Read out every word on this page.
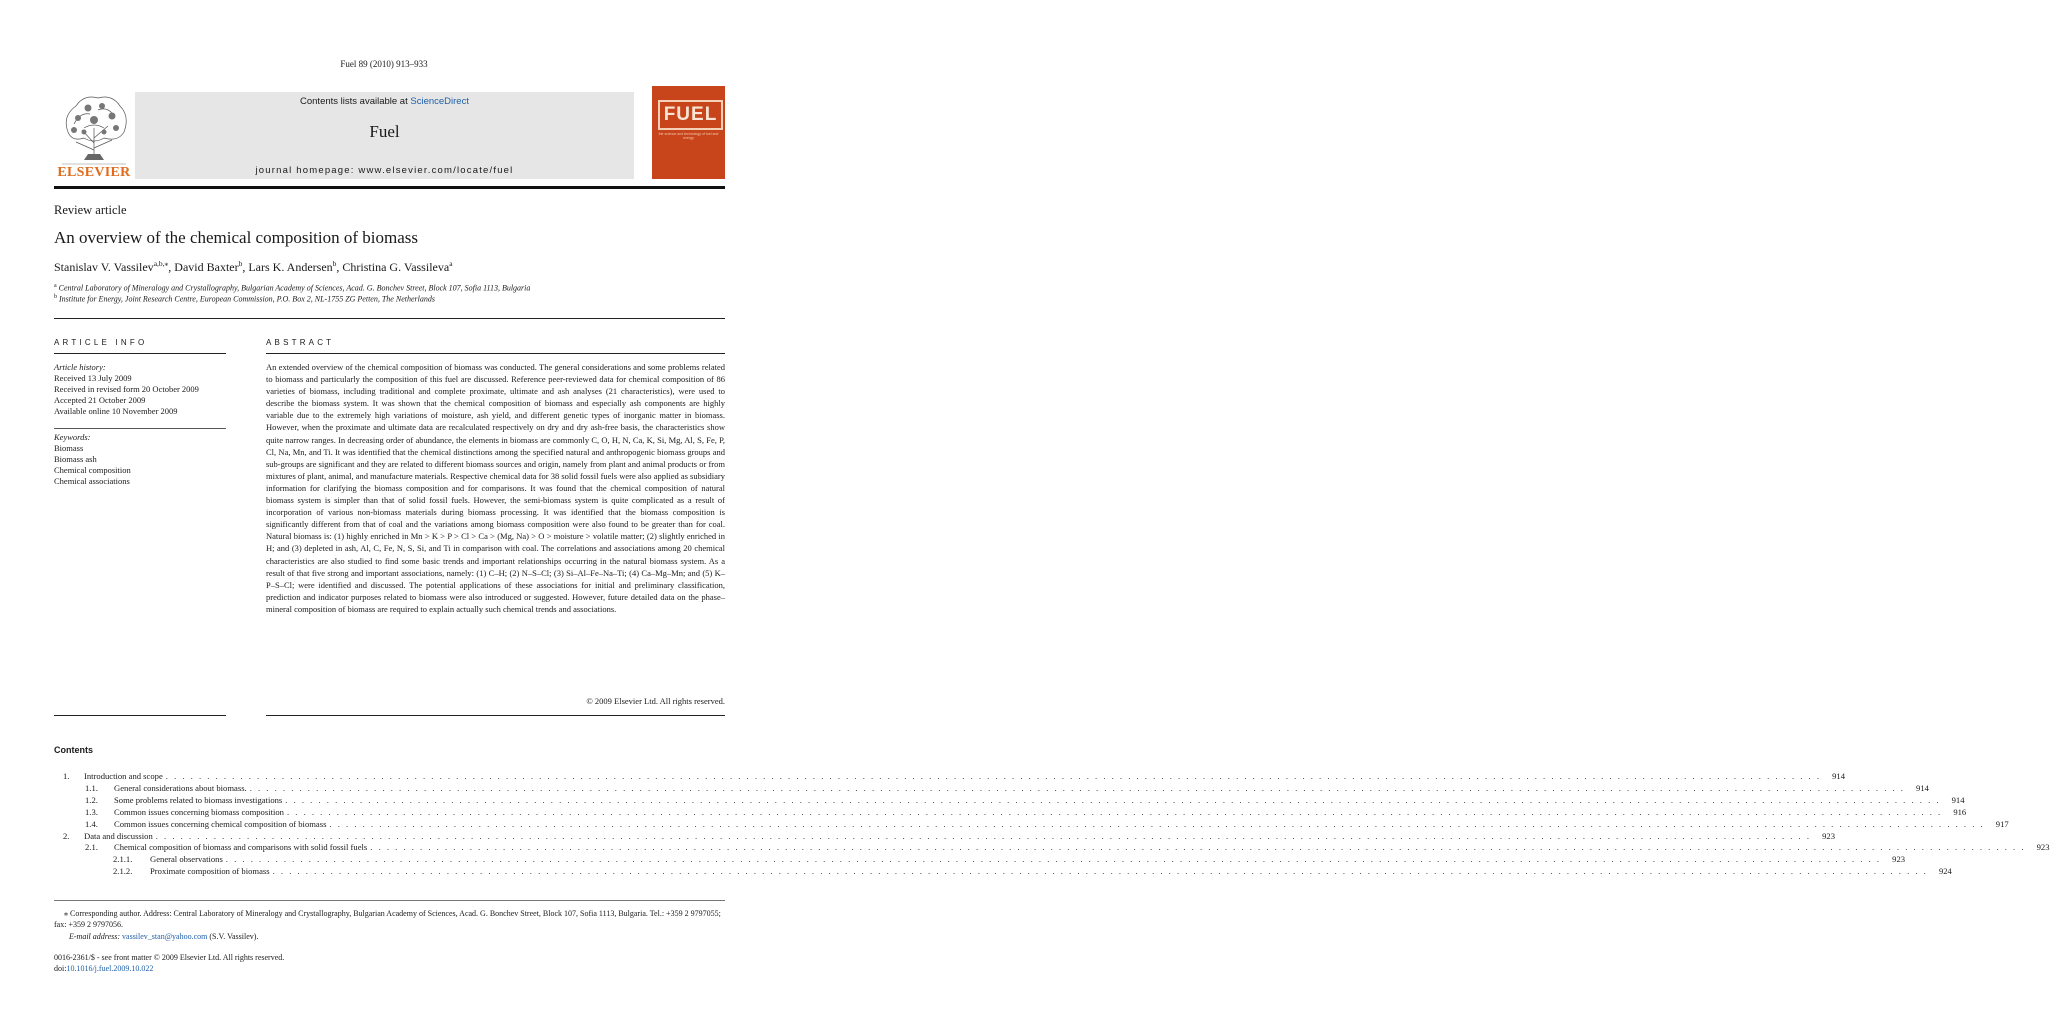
Fuel 89 (2010) 913–933
ELSEVIER
Contents lists available at ScienceDirect
Fuel
journal homepage: www.elsevier.com/locate/fuel
FUEL
the science and technology of fuel and energy
Review article
An overview of the chemical composition of biomass
Stanislav V. Vassilev$^{a,b,⁎}$, David Baxter$^b$, Lars K. Andersen$^b$, Christina G. Vassileva$^a$
$^a$ Central Laboratory of Mineralogy and Crystallography, Bulgarian Academy of Sciences, Acad. G. Bonchev Street, Block 107, Sofia 1113, Bulgaria
$^b$ Institute for Energy, Joint Research Centre, European Commission, P.O. Box 2, NL-1755 ZG Petten, The Netherlands
ARTICLE INFO
Article history:
Received 13 July 2009
Received in revised form 20 October 2009
Accepted 21 October 2009
Available online 10 November 2009
Keywords:
Biomass
Biomass ash
Chemical composition
Chemical associations
ABSTRACT
An extended overview of the chemical composition of biomass was conducted. The general considerations and some problems related to biomass and particularly the composition of this fuel are discussed. Reference peer-reviewed data for chemical composition of 86 varieties of biomass, including traditional and complete proximate, ultimate and ash analyses (21 characteristics), were used to describe the biomass system. It was shown that the chemical composition of biomass and especially ash components are highly variable due to the extremely high variations of moisture, ash yield, and different genetic types of inorganic matter in biomass. However, when the proximate and ultimate data are recalculated respectively on dry and dry ash-free basis, the characteristics show quite narrow ranges. In decreasing order of abundance, the elements in biomass are commonly C, O, H, N, Ca, K, Si, Mg, Al, S, Fe, P, Cl, Na, Mn, and Ti. It was identified that the chemical distinctions among the specified natural and anthropogenic biomass groups and sub-groups are significant and they are related to different biomass sources and origin, namely from plant and animal products or from mixtures of plant, animal, and manufacture materials. Respective chemical data for 38 solid fossil fuels were also applied as subsidiary information for clarifying the biomass composition and for comparisons. It was found that the chemical composition of natural biomass system is simpler than that of solid fossil fuels. However, the semi-biomass system is quite complicated as a result of incorporation of various non-biomass materials during biomass processing. It was identified that the biomass composition is significantly different from that of coal and the variations among biomass composition were also found to be greater than for coal. Natural biomass is: (1) highly enriched in Mn > K > P > Cl > Ca > (Mg, Na) > O > moisture > volatile matter; (2) slightly enriched in H; and (3) depleted in ash, Al, C, Fe, N, S, Si, and Ti in comparison with coal. The correlations and associations among 20 chemical characteristics are also studied to find some basic trends and important relationships occurring in the natural biomass system. As a result of that five strong and important associations, namely: (1) C–H; (2) N–S–Cl; (3) Si–Al–Fe–Na–Ti; (4) Ca–Mg–Mn; and (5) K–P–S–Cl; were identified and discussed. The potential applications of these associations for initial and preliminary classification, prediction and indicator purposes related to biomass were also introduced or suggested. However, future detailed data on the phase–mineral composition of biomass are required to explain actually such chemical trends and associations.
© 2009 Elsevier Ltd. All rights reserved.
Contents
1. Introduction and scope . . . . . . . . . . . . . . . . . . . . . . . . . . . . . . . . . . . . . . . . . . . . . . . . . . . . . . . . . . . . . . . . . . . . . . . . . . . . . . . . . . . . . . . . . . . . . . . . . . . . . . . . . . . . . . . . . . . . . . . . . . . . . . . . . . . . . . . . . . . . . . . . . . . . . . . . . . . . . . . . . . . . . . . . . . . . . . . . . . . . . . . . . . . . . . . . . . . . . . . .	914
1.1. General considerations about biomass. . . . . . . . . . . . . . . . . . . . . . . . . . . . . . . . . . . . . . . . . . . . . . . . . . . . . . . . . . . . . . . . . . . . . . . . . . . . . . . . . . . . . . . . . . . . . . . . . . . . . . . . . . . . . . . . . . . . . . . . . . . . . . . . . . . . . . . . . . . . . . . . . . . . . . . . . . . . . . . . . . . . . . . . . . . . . . . . . . . . . . . . . . . . . . . . . . . . . . . . .	914
1.2. Some problems related to biomass investigations . . . . . . . . . . . . . . . . . . . . . . . . . . . . . . . . . . . . . . . . . . . . . . . . . . . . . . . . . . . . . . . . . . . . . . . . . . . . . . . . . . . . . . . . . . . . . . . . . . . . . . . . . . . . . . . . . . . . . . . . . . . . . . . . . . . . . . . . . . . . . . . . . . . . . . . . . . . . . . . . . . . . . . . . . . . . . . . . . . . . . . . . . . . . . . . . . . . . . . . .	914
1.3. Common issues concerning biomass composition . . . . . . . . . . . . . . . . . . . . . . . . . . . . . . . . . . . . . . . . . . . . . . . . . . . . . . . . . . . . . . . . . . . . . . . . . . . . . . . . . . . . . . . . . . . . . . . . . . . . . . . . . . . . . . . . . . . . . . . . . . . . . . . . . . . . . . . . . . . . . . . . . . . . . . . . . . . . . . . . . . . . . . . . . . . . . . . . . . . . . . . . . . . . . . . . . . . . . . . .	916
1.4. Common issues concerning chemical composition of biomass . . . . . . . . . . . . . . . . . . . . . . . . . . . . . . . . . . . . . . . . . . . . . . . . . . . . . . . . . . . . . . . . . . . . . . . . . . . . . . . . . . . . . . . . . . . . . . . . . . . . . . . . . . . . . . . . . . . . . . . . . . . . . . . . . . . . . . . . . . . . . . . . . . . . . . . . . . . . . . . . . . . . . . . . . . . . . . . . . . . . . . . . . . . . . . . . . . . . . . . .	917
2. Data and discussion . . . . . . . . . . . . . . . . . . . . . . . . . . . . . . . . . . . . . . . . . . . . . . . . . . . . . . . . . . . . . . . . . . . . . . . . . . . . . . . . . . . . . . . . . . . . . . . . . . . . . . . . . . . . . . . . . . . . . . . . . . . . . . . . . . . . . . . . . . . . . . . . . . . . . . . . . . . . . . . . . . . . . . . . . . . . . . . . . . . . . . . . . . . . . . . . . . . . . . . .	923
2.1. Chemical composition of biomass and comparisons with solid fossil fuels . . . . . . . . . . . . . . . . . . . . . . . . . . . . . . . . . . . . . . . . . . . . . . . . . . . . . . . . . . . . . . . . . . . . . . . . . . . . . . . . . . . . . . . . . . . . . . . . . . . . . . . . . . . . . . . . . . . . . . . . . . . . . . . . . . . . . . . . . . . . . . . . . . . . . . . . . . . . . . . . . . . . . . . . . . . . . . . . . . . . . . . . . . . . . . . . . . . . . . . .	923
2.1.1. General observations . . . . . . . . . . . . . . . . . . . . . . . . . . . . . . . . . . . . . . . . . . . . . . . . . . . . . . . . . . . . . . . . . . . . . . . . . . . . . . . . . . . . . . . . . . . . . . . . . . . . . . . . . . . . . . . . . . . . . . . . . . . . . . . . . . . . . . . . . . . . . . . . . . . . . . . . . . . . . . . . . . . . . . . . . . . . . . . . . . . . . . . . . . . . . . . . . . . . . . . .	923
2.1.2. Proximate composition of biomass . . . . . . . . . . . . . . . . . . . . . . . . . . . . . . . . . . . . . . . . . . . . . . . . . . . . . . . . . . . . . . . . . . . . . . . . . . . . . . . . . . . . . . . . . . . . . . . . . . . . . . . . . . . . . . . . . . . . . . . . . . . . . . . . . . . . . . . . . . . . . . . . . . . . . . . . . . . . . . . . . . . . . . . . . . . . . . . . . . . . . . . . . . . . . . . . . . . . . . . .	924
⁎ Corresponding author. Address: Central Laboratory of Mineralogy and Crystallography, Bulgarian Academy of Sciences, Acad. G. Bonchev Street, Block 107, Sofia 1113, Bulgaria. Tel.: +359 2 9797055; fax: +359 2 9797056.
E-mail address: vassilev_stan@yahoo.com (S.V. Vassilev).
0016-2361/$ - see front matter © 2009 Elsevier Ltd. All rights reserved.
doi:10.1016/j.fuel.2009.10.022
